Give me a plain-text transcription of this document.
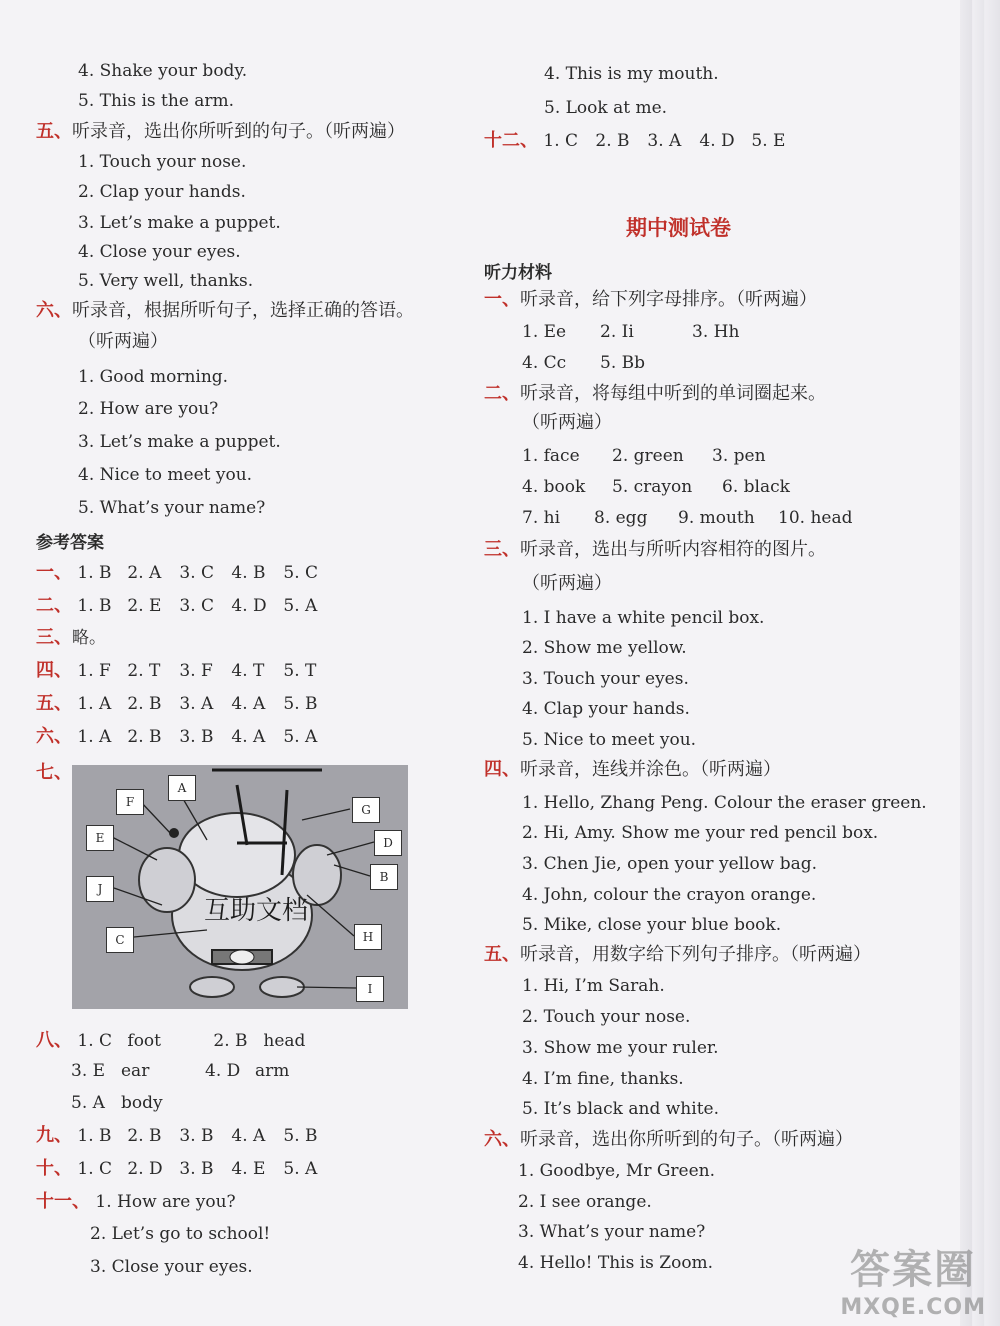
4. Shake your body.
5. This is the arm.
五、听录音，选出你所听到的句子。（听两遍）
1. Touch your nose.
2. Clap your hands.
3. Let’s make a puppet.
4. Close your eyes.
5. Very well, thanks.
六、听录音，根据所听句子，选择正确的答语。
（听两遍）
1. Good morning.
2. How are you?
3. Let’s make a puppet.
4. Nice to meet you.
5. What’s your name?
参考答案
一、 1. B 2. A 3. C 4. B 5. C
二、 1. B 2. E 3. C 4. D 5. A
三、略。
四、 1. F 2. T 3. F 4. T 5. T
五、 1. A 2. B 3. A 4. A 5. B
六、 1. A 2. B 3. B 4. A 5. A
七、
A
F
G
E	D
B
J
C	H
I
互助文档
八、 1. C foot	2. B head
3. E ear	4. D arm
5. A body
九、 1. B 2. B 3. B 4. A 5. B
十、 1. C 2. D 3. B 4. E 5. A
十一、 1. How are you?
2. Let’s go to school!
3. Close your eyes.
4. This is my mouth.
5. Look at me.
十二、 1. C 2. B 3. A 4. D 5. E
期中测试卷
听力材料
一、听录音，给下列字母排序。（听两遍）
1. Ee 2. Ii	3. Hh
4. Cc 5. Bb
二、听录音，将每组中听到的单词圈起来。
（听两遍）
1. face 2. green 3. pen
4. book 5. crayon 6. black
7. hi 8. egg 9. mouth 10. head
三、听录音，选出与所听内容相符的图片。
（听两遍）
1. I have a white pencil box.
2. Show me yellow.
3. Touch your eyes.
4. Clap your hands.
5. Nice to meet you.
四、听录音，连线并涂色。（听两遍）
1. Hello, Zhang Peng. Colour the eraser green.
2. Hi, Amy. Show me your red pencil box.
3. Chen Jie, open your yellow bag.
4. John, colour the crayon orange.
5. Mike, close your blue book.
五、听录音，用数字给下列句子排序。（听两遍）
1. Hi, I’m Sarah.
2. Touch your nose.
3. Show me your ruler.
4. I’m fine, thanks.
5. It’s black and white.
六、听录音，选出你所听到的句子。（听两遍）
1. Goodbye, Mr Green.
2. I see orange.
3. What’s your name?
4. Hello! This is Zoom.	答案圈
MXQE.COM
